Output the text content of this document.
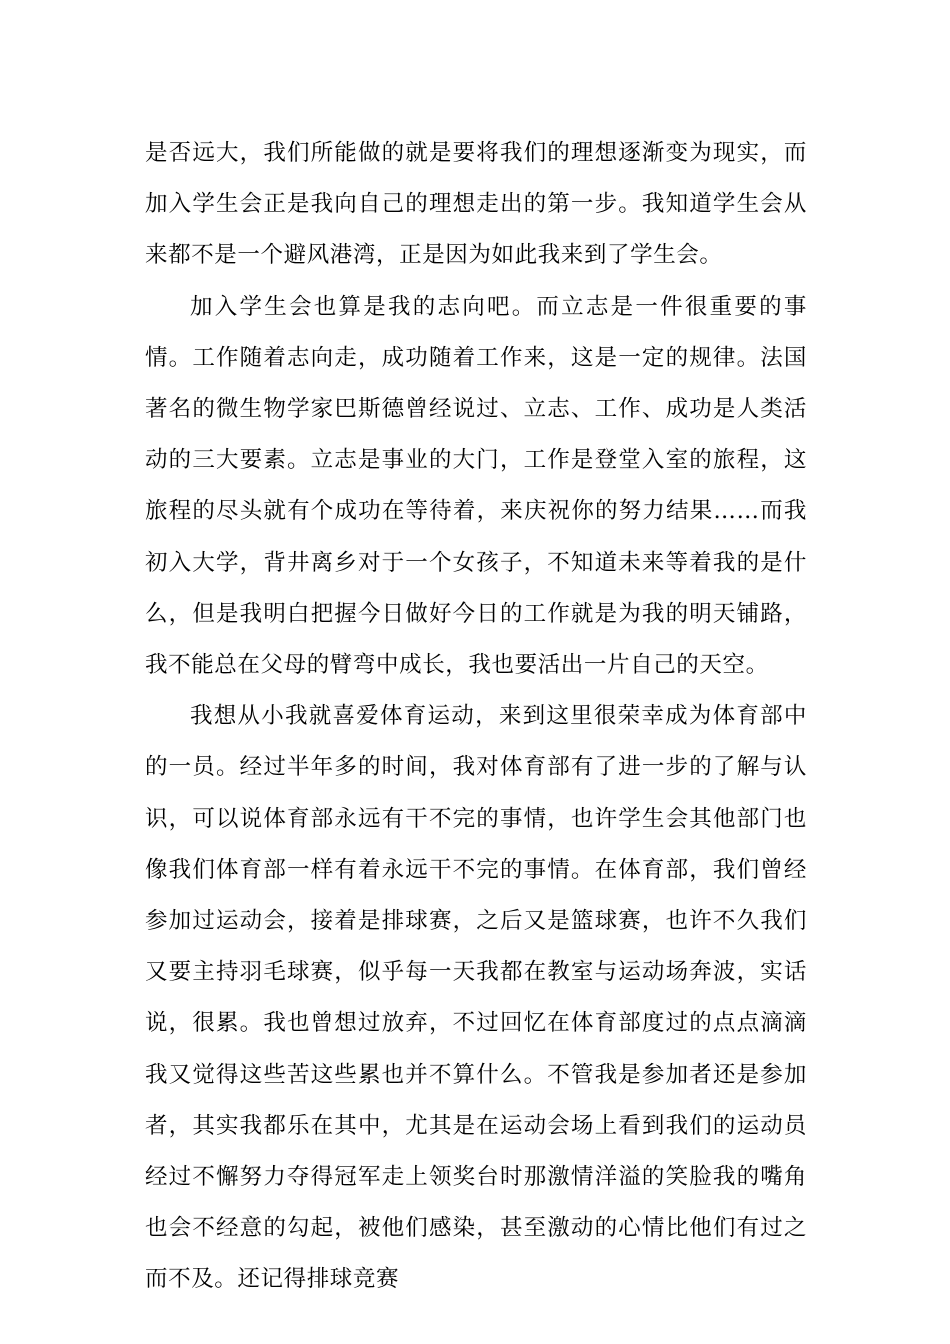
是否远大，我们所能做的就是要将我们的理想逐渐变为现实，而加入学生会正是我向自己的理想走出的第一步。我知道学生会从来都不是一个避风港湾，正是因为如此我来到了学生会。

加入学生会也算是我的志向吧。而立志是一件很重要的事情。工作随着志向走，成功随着工作来，这是一定的规律。法国著名的微生物学家巴斯德曾经说过、立志、工作、成功是人类活动的三大要素。立志是事业的大门，工作是登堂入室的旅程，这旅程的尽头就有个成功在等待着，来庆祝你的努力结果……而我初入大学，背井离乡对于一个女孩子，不知道未来等着我的是什么，但是我明白把握今日做好今日的工作就是为我的明天铺路，我不能总在父母的臂弯中成长，我也要活出一片自己的天空。

我想从小我就喜爱体育运动，来到这里很荣幸成为体育部中的一员。经过半年多的时间，我对体育部有了进一步的了解与认识，可以说体育部永远有干不完的事情，也许学生会其他部门也像我们体育部一样有着永远干不完的事情。在体育部，我们曾经参加过运动会，接着是排球赛，之后又是篮球赛，也许不久我们又要主持羽毛球赛，似乎每一天我都在教室与运动场奔波，实话说，很累。我也曾想过放弃，不过回忆在体育部度过的点点滴滴我又觉得这些苦这些累也并不算什么。不管我是参加者还是参加者，其实我都乐在其中，尤其是在运动会场上看到我们的运动员经过不懈努力夺得冠军走上领奖台时那激情洋溢的笑脸我的嘴角也会不经意的勾起，被他们感染，甚至激动的心情比他们有过之而不及。还记得排球竞赛
